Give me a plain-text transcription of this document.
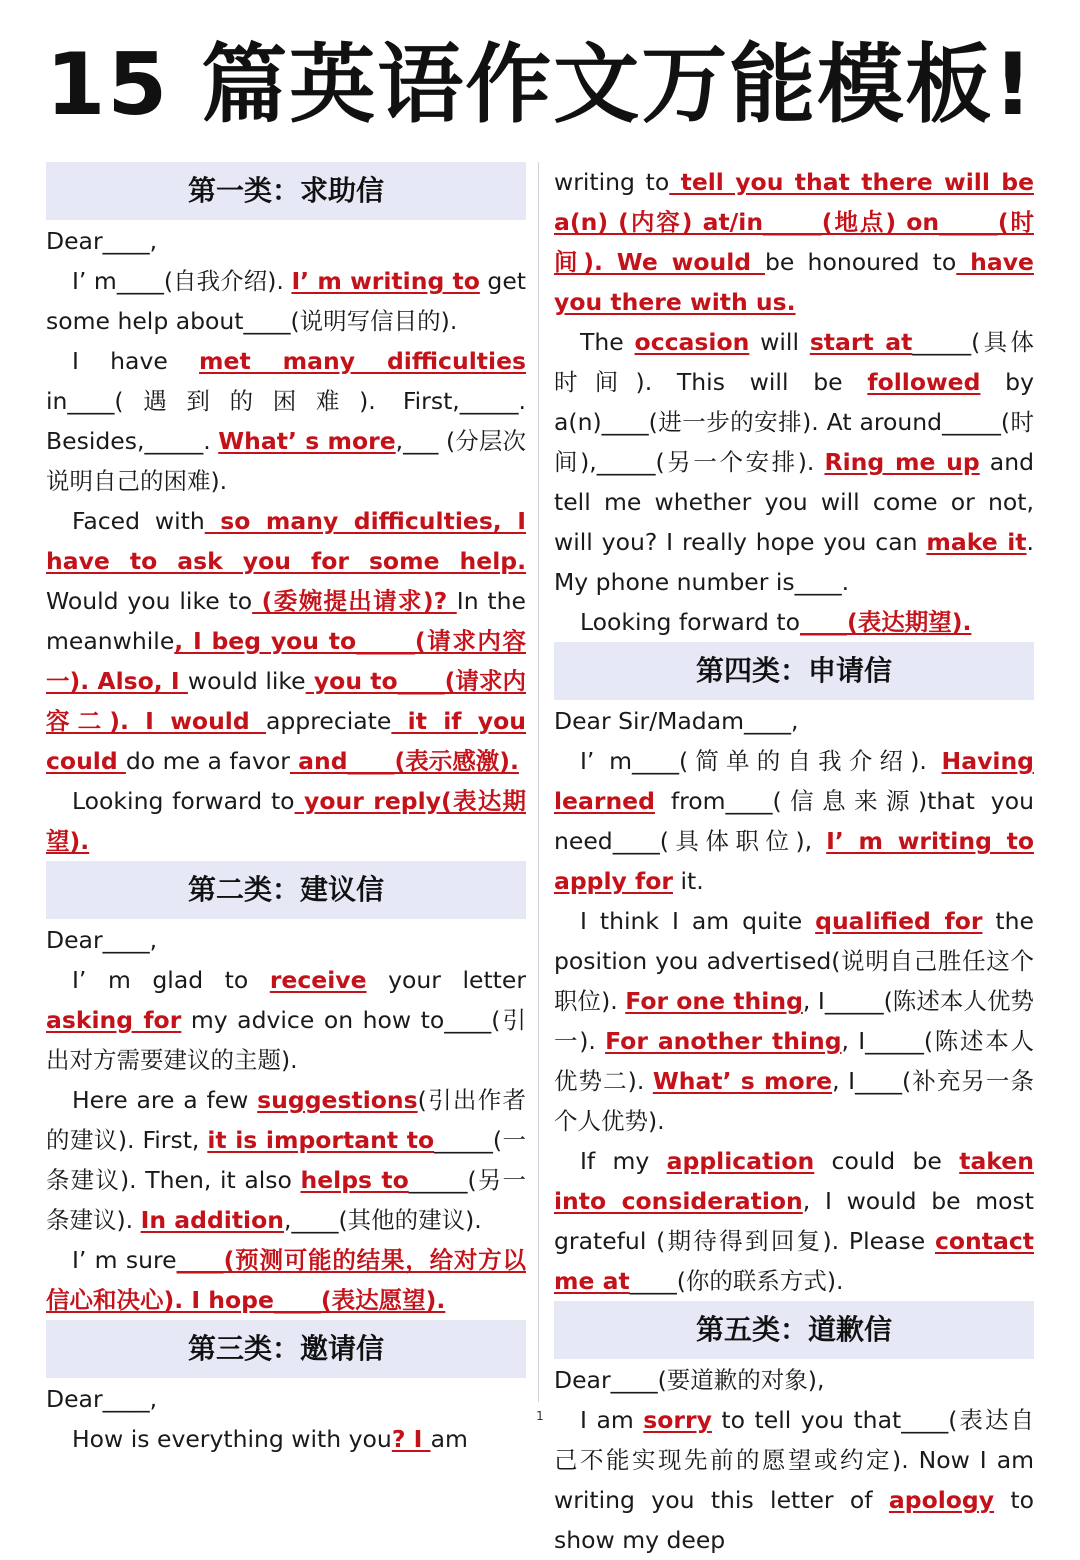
15 篇英语作文万能模板!
第一类：求助信

Dear____,

I’ m____(自我介绍). I’ m writing to get some help about____(说明写信目的).

I have met many difficulties in____(遇到的困难). First,_____. Besides,_____. What’ s more,___ (分层次说明自己的困难).

Faced with so many difficulties, I have to ask you for some help. Would you like to (委婉提出请求)? In the meanwhile, I beg you to_____(请求内容一). Also, I would like you to____(请求内容二). I would appreciate it if you could do me a favor and____(表示感激).

Looking forward to your reply(表达期望).

第二类：建议信

Dear____,

I’ m glad to receive your letter asking for my advice on how to____(引出对方需要建议的主题).

Here are a few suggestions(引出作者的建议). First, it is important to_____(一条建议). Then, it also helps to_____(另一条建议). In addition,____(其他的建议).

I’ m sure____(预测可能的结果，给对方以信心和决心). I hope____(表达愿望).

第三类：邀请信

Dear____,

How is everything with you? I am

writing to tell you that there will be a(n) (内容) at/in_____(地点) on_____(时间). We would be honoured to have you there with us.

The occasion will start at_____(具体时间). This will be followed by a(n)____(进一步的安排). At around_____(时间),_____(另一个安排). Ring me up and tell me whether you will come or not, will you? I really hope you can make it. My phone number is____.

Looking forward to____(表达期望).

第四类：申请信

Dear Sir/Madam____,

I’ m____(简单的自我介绍). Having learned from____(信息来源)that you need____(具体职位), I’ m writing to apply for it.

I think I am quite qualified for the position you advertised(说明自己胜任这个职位). For one thing, I_____(陈述本人优势一). For another thing, I_____(陈述本人优势二). What’ s more, I____(补充另一条个人优势).

If my application could be taken into consideration, I would be most grateful (期待得到回复). Please contact me at____(你的联系方式).

第五类：道歉信

Dear____(要道歉的对象),

I am sorry to tell you that____(表达自己不能实现先前的愿望或约定). Now I am writing you this letter of apology to show my deep

1
